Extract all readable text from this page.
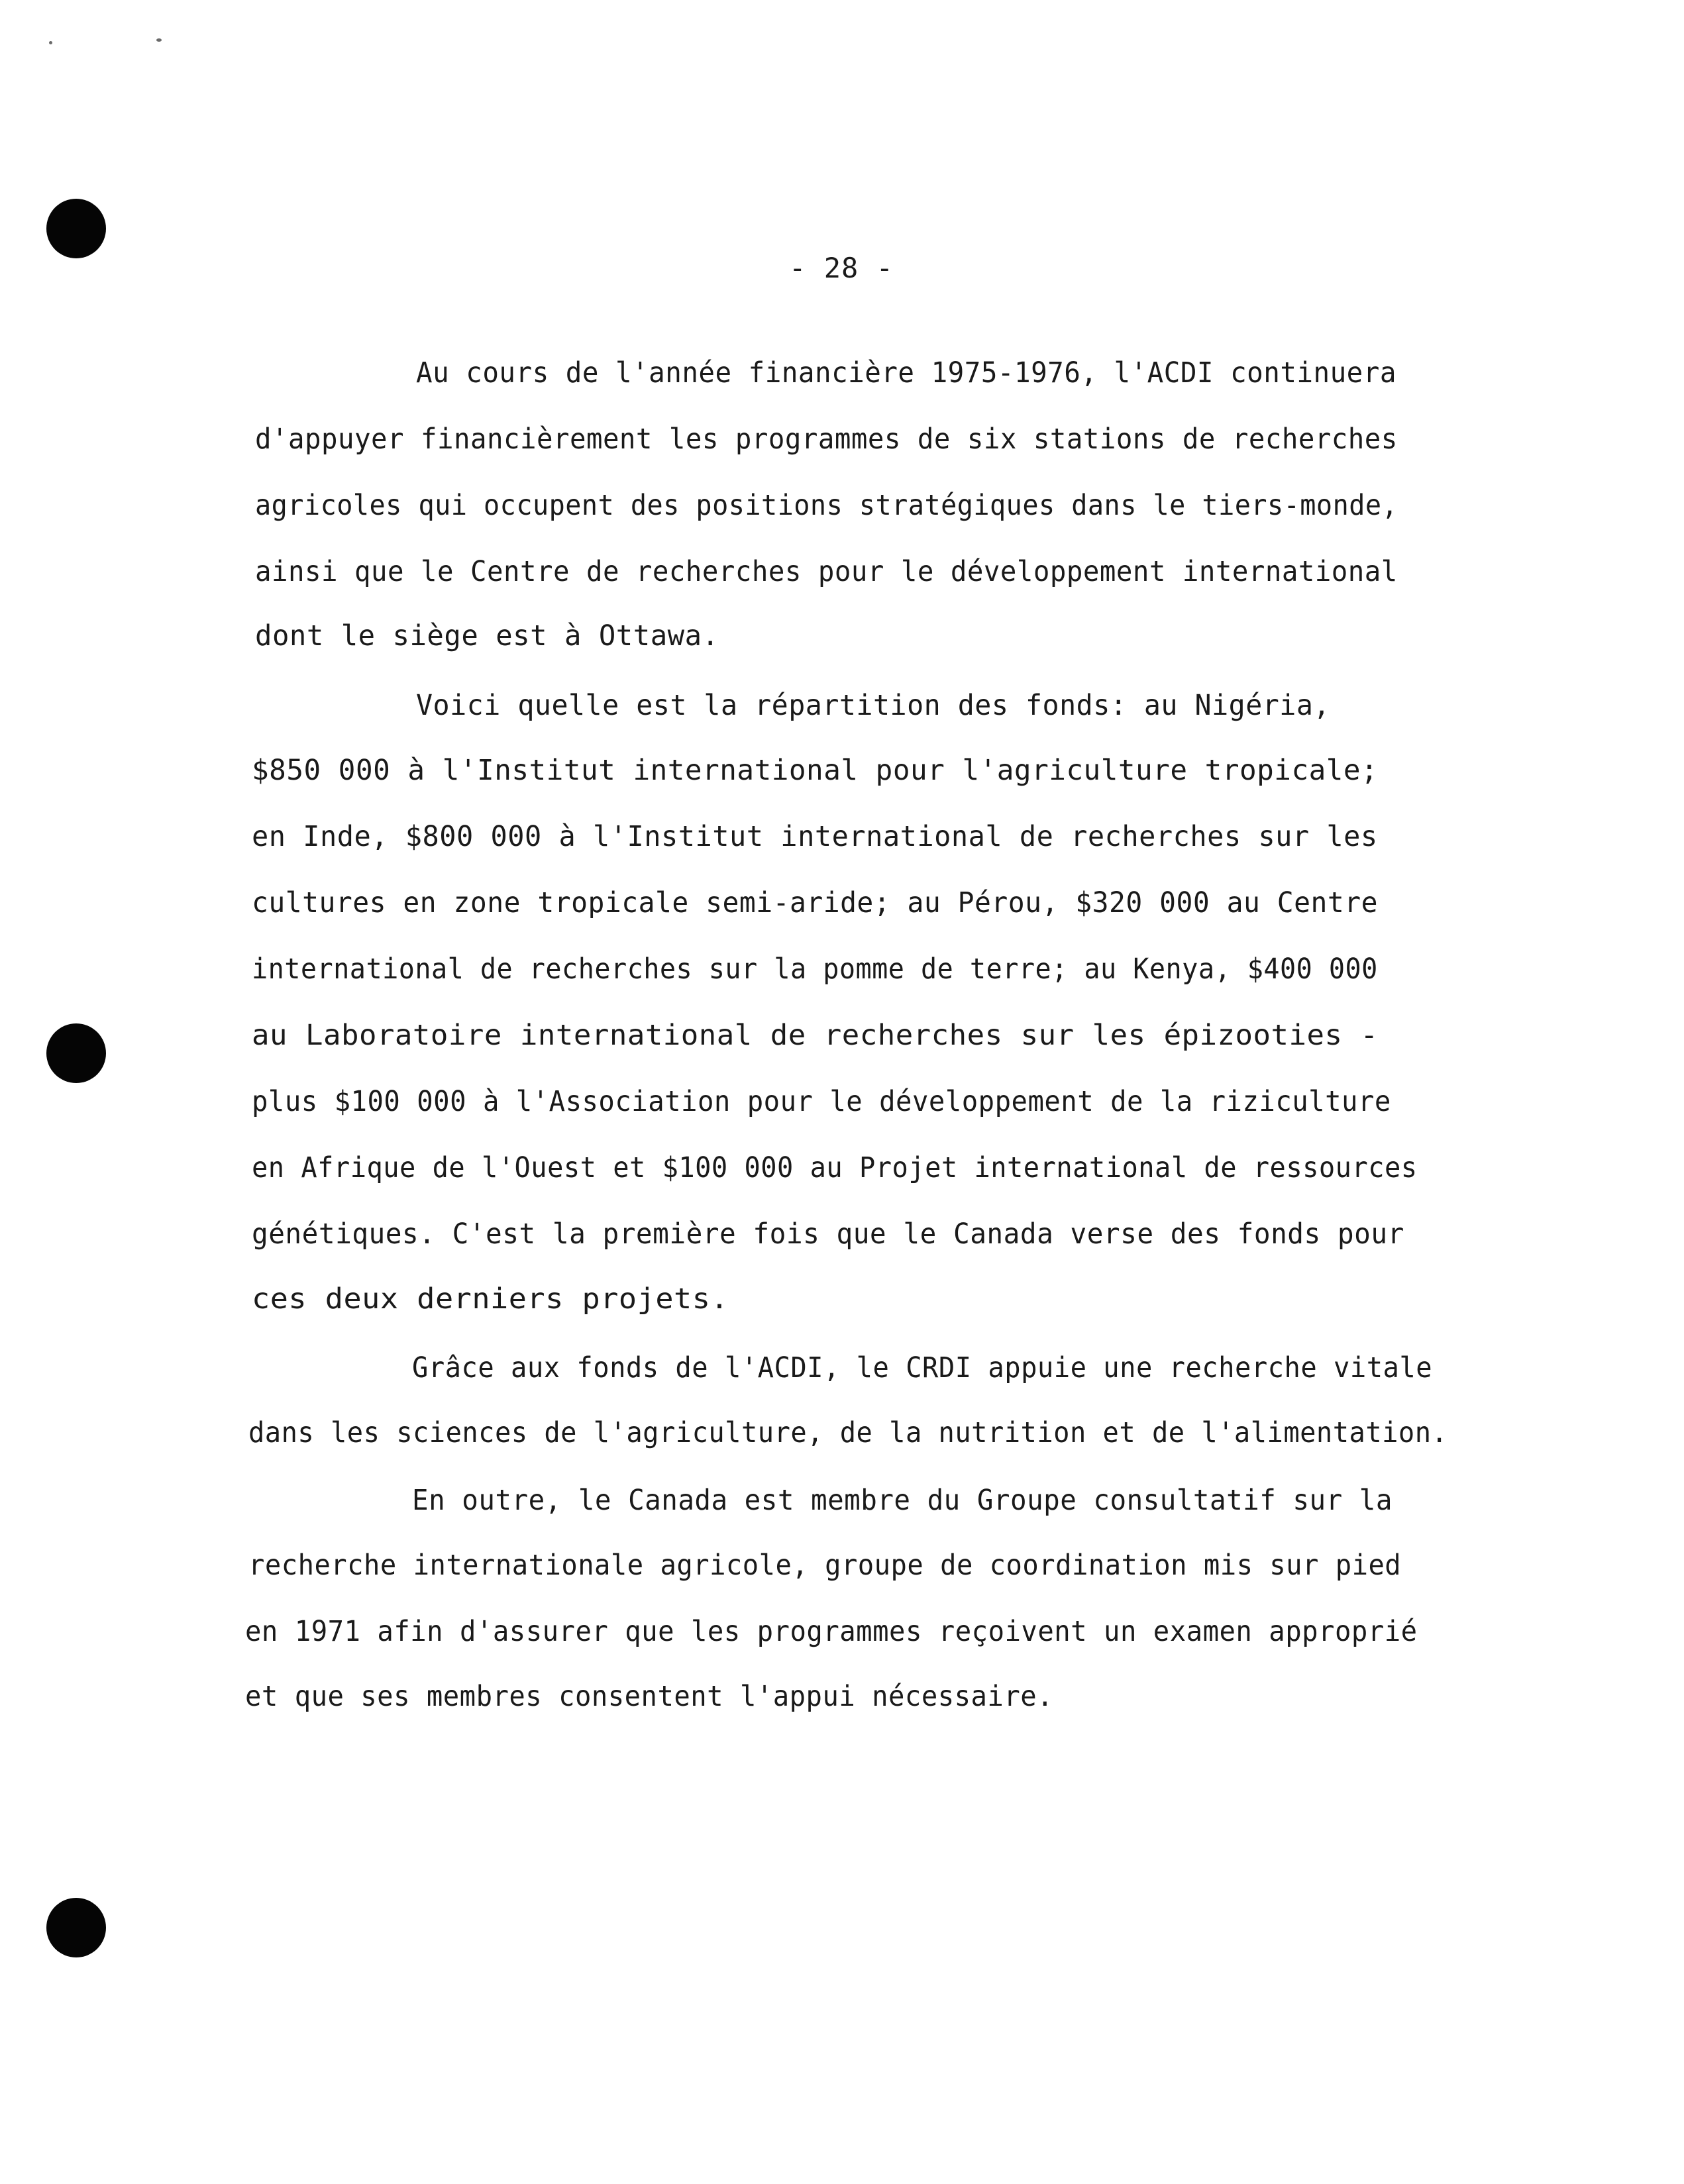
- 28 -

Au cours de l'année financière 1975-1976, l'ACDI continuera

d'appuyer financièrement les programmes de six stations de recherches

agricoles qui occupent des positions stratégiques dans le tiers-monde,

ainsi que le Centre de recherches pour le développement international

dont le siège est à Ottawa.

Voici quelle est la répartition des fonds: au Nigéria,

$850 000 à l'Institut international pour l'agriculture tropicale;

en Inde, $800 000 à l'Institut international de recherches sur les

cultures en zone tropicale semi-aride; au Pérou, $320 000 au Centre

international de recherches sur la pomme de terre; au Kenya, $400 000

au Laboratoire international de recherches sur les épizooties -

plus $100 000 à l'Association pour le développement de la riziculture

en Afrique de l'Ouest et $100 000 au Projet international de ressources

génétiques. C'est la première fois que le Canada verse des fonds pour

ces deux derniers projets.

Grâce aux fonds de l'ACDI, le CRDI appuie une recherche vitale

dans les sciences de l'agriculture, de la nutrition et de l'alimentation.

En outre, le Canada est membre du Groupe consultatif sur la

recherche internationale agricole, groupe de coordination mis sur pied

en 1971 afin d'assurer que les programmes reçoivent un examen approprié

et que ses membres consentent l'appui nécessaire.
